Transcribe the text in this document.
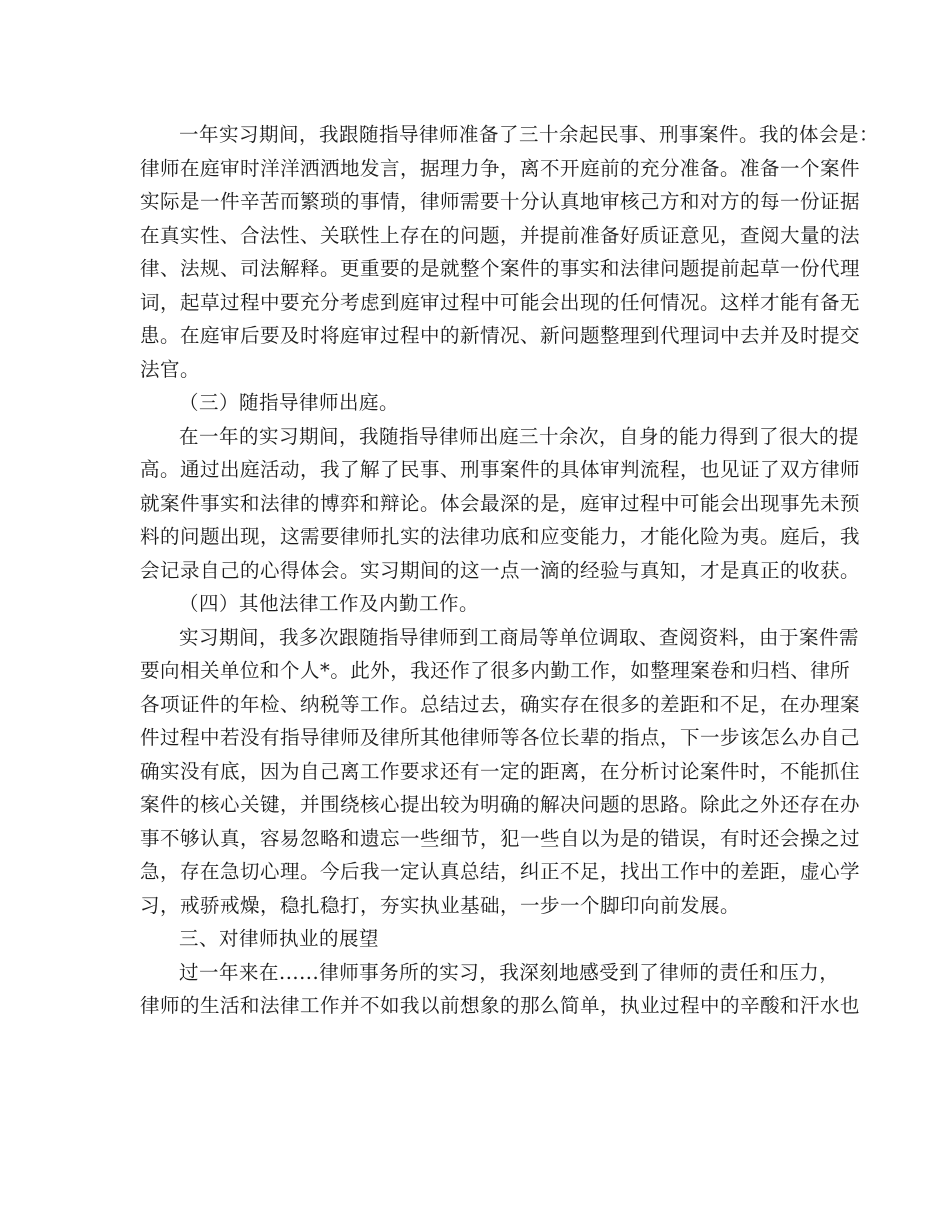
一年实习期间，我跟随指导律师准备了三十余起民事、刑事案件。我的体会是：

律师在庭审时洋洋洒洒地发言，据理力争，离不开庭前的充分准备。准备一个案件

实际是一件辛苦而繁琐的事情，律师需要十分认真地审核己方和对方的每一份证据

在真实性、合法性、关联性上存在的问题，并提前准备好质证意见，查阅大量的法

律、法规、司法解释。更重要的是就整个案件的事实和法律问题提前起草一份代理

词，起草过程中要充分考虑到庭审过程中可能会出现的任何情况。这样才能有备无

患。在庭审后要及时将庭审过程中的新情况、新问题整理到代理词中去并及时提交

法官。

（三）随指导律师出庭。

在一年的实习期间，我随指导律师出庭三十余次，自身的能力得到了很大的提

高。通过出庭活动，我了解了民事、刑事案件的具体审判流程，也见证了双方律师

就案件事实和法律的博弈和辩论。体会最深的是，庭审过程中可能会出现事先未预

料的问题出现，这需要律师扎实的法律功底和应变能力，才能化险为夷。庭后，我

会记录自己的心得体会。实习期间的这一点一滴的经验与真知，才是真正的收获。

（四）其他法律工作及内勤工作。

实习期间，我多次跟随指导律师到工商局等单位调取、查阅资料，由于案件需

要向相关单位和个人*。此外，我还作了很多内勤工作，如整理案卷和归档、律所

各项证件的年检、纳税等工作。总结过去，确实存在很多的差距和不足，在办理案

件过程中若没有指导律师及律所其他律师等各位长辈的指点，下一步该怎么办自己

确实没有底，因为自己离工作要求还有一定的距离，在分析讨论案件时，不能抓住

案件的核心关键，并围绕核心提出较为明确的解决问题的思路。除此之外还存在办

事不够认真，容易忽略和遗忘一些细节，犯一些自以为是的错误，有时还会操之过

急，存在急切心理。今后我一定认真总结，纠正不足，找出工作中的差距，虚心学

习，戒骄戒燥，稳扎稳打，夯实执业基础，一步一个脚印向前发展。

三、对律师执业的展望

过一年来在......律师事务所的实习，我深刻地感受到了律师的责任和压力，

律师的生活和法律工作并不如我以前想象的那么简单，执业过程中的辛酸和汗水也
